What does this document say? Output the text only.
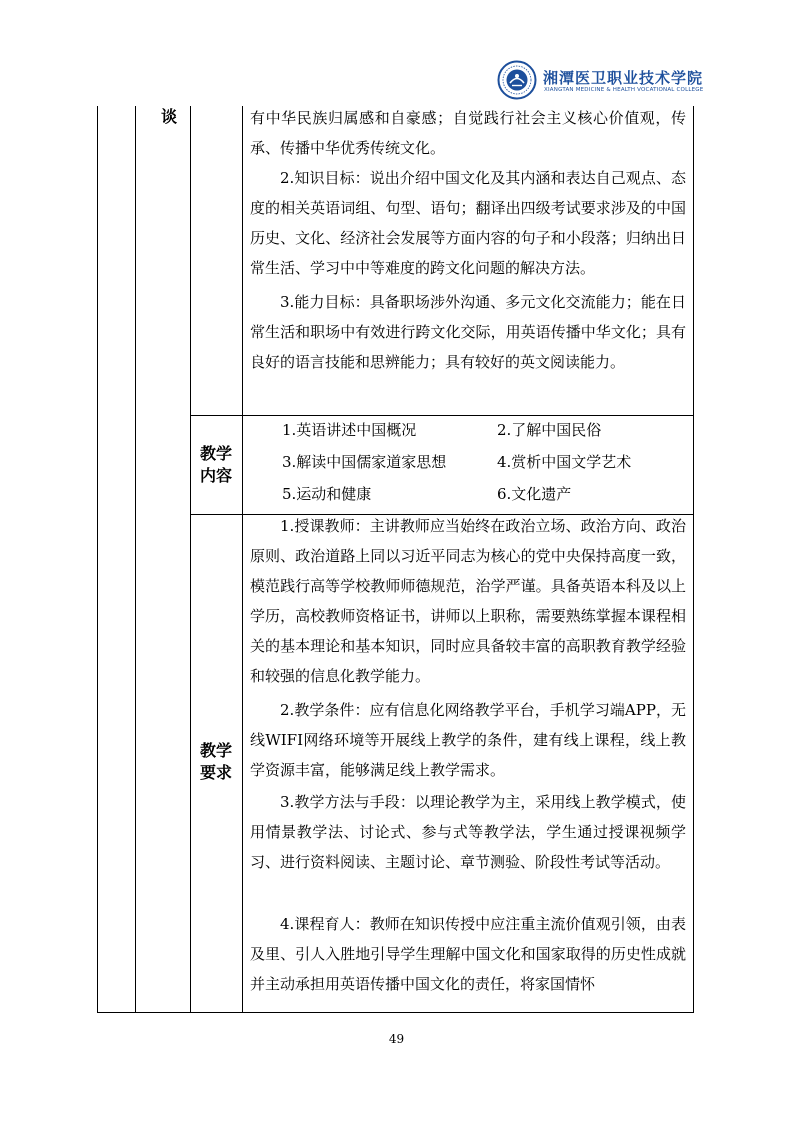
湘潭医卫职业技术学院
XIANGTAN MEDICINE & HEALTH VOCATIONAL COLLEGE
谈	有中华民族归属感和自豪感；自觉践行社会主义核心价值观，传承、传播中华优秀传统文化。

2.知识目标：说出介绍中国文化及其内涵和表达自己观点、态度的相关英语词组、句型、语句；翻译出四级考试要求涉及的中国历史、文化、经济社会发展等方面内容的句子和小段落；归纳出日常生活、学习中中等难度的跨文化问题的解决方法。

3.能力目标：具备职场涉外沟通、多元文化交流能力；能在日常生活和职场中有效进行跨文化交际，用英语传播中华文化；具有良好的语言技能和思辨能力；具有较好的英文阅读能力。

教学
内容
1.英语讲述中国概况	2.了解中国民俗
3.解读中国儒家道家思想	4.赏析中国文学艺术
5.运动和健康	6.文化遗产
教学
要求

1.授课教师：主讲教师应当始终在政治立场、政治方向、政治原则、政治道路上同以习近平同志为核心的党中央保持高度一致，模范践行高等学校教师师德规范，治学严谨。具备英语本科及以上学历，高校教师资格证书，讲师以上职称，需要熟练掌握本课程相关的基本理论和基本知识，同时应具备较丰富的高职教育教学经验和较强的信息化教学能力。

2.教学条件：应有信息化网络教学平台，手机学习端APP，无线WIFI网络环境等开展线上教学的条件，建有线上课程，线上教学资源丰富，能够满足线上教学需求。

3.教学方法与手段：以理论教学为主，采用线上教学模式，使用情景教学法、讨论式、参与式等教学法，学生通过授课视频学习、进行资料阅读、主题讨论、章节测验、阶段性考试等活动。

4.课程育人：教师在知识传授中应注重主流价值观引领，由表及里、引人入胜地引导学生理解中国文化和国家取得的历史性成就并主动承担用英语传播中国文化的责任，将家国情怀

49
